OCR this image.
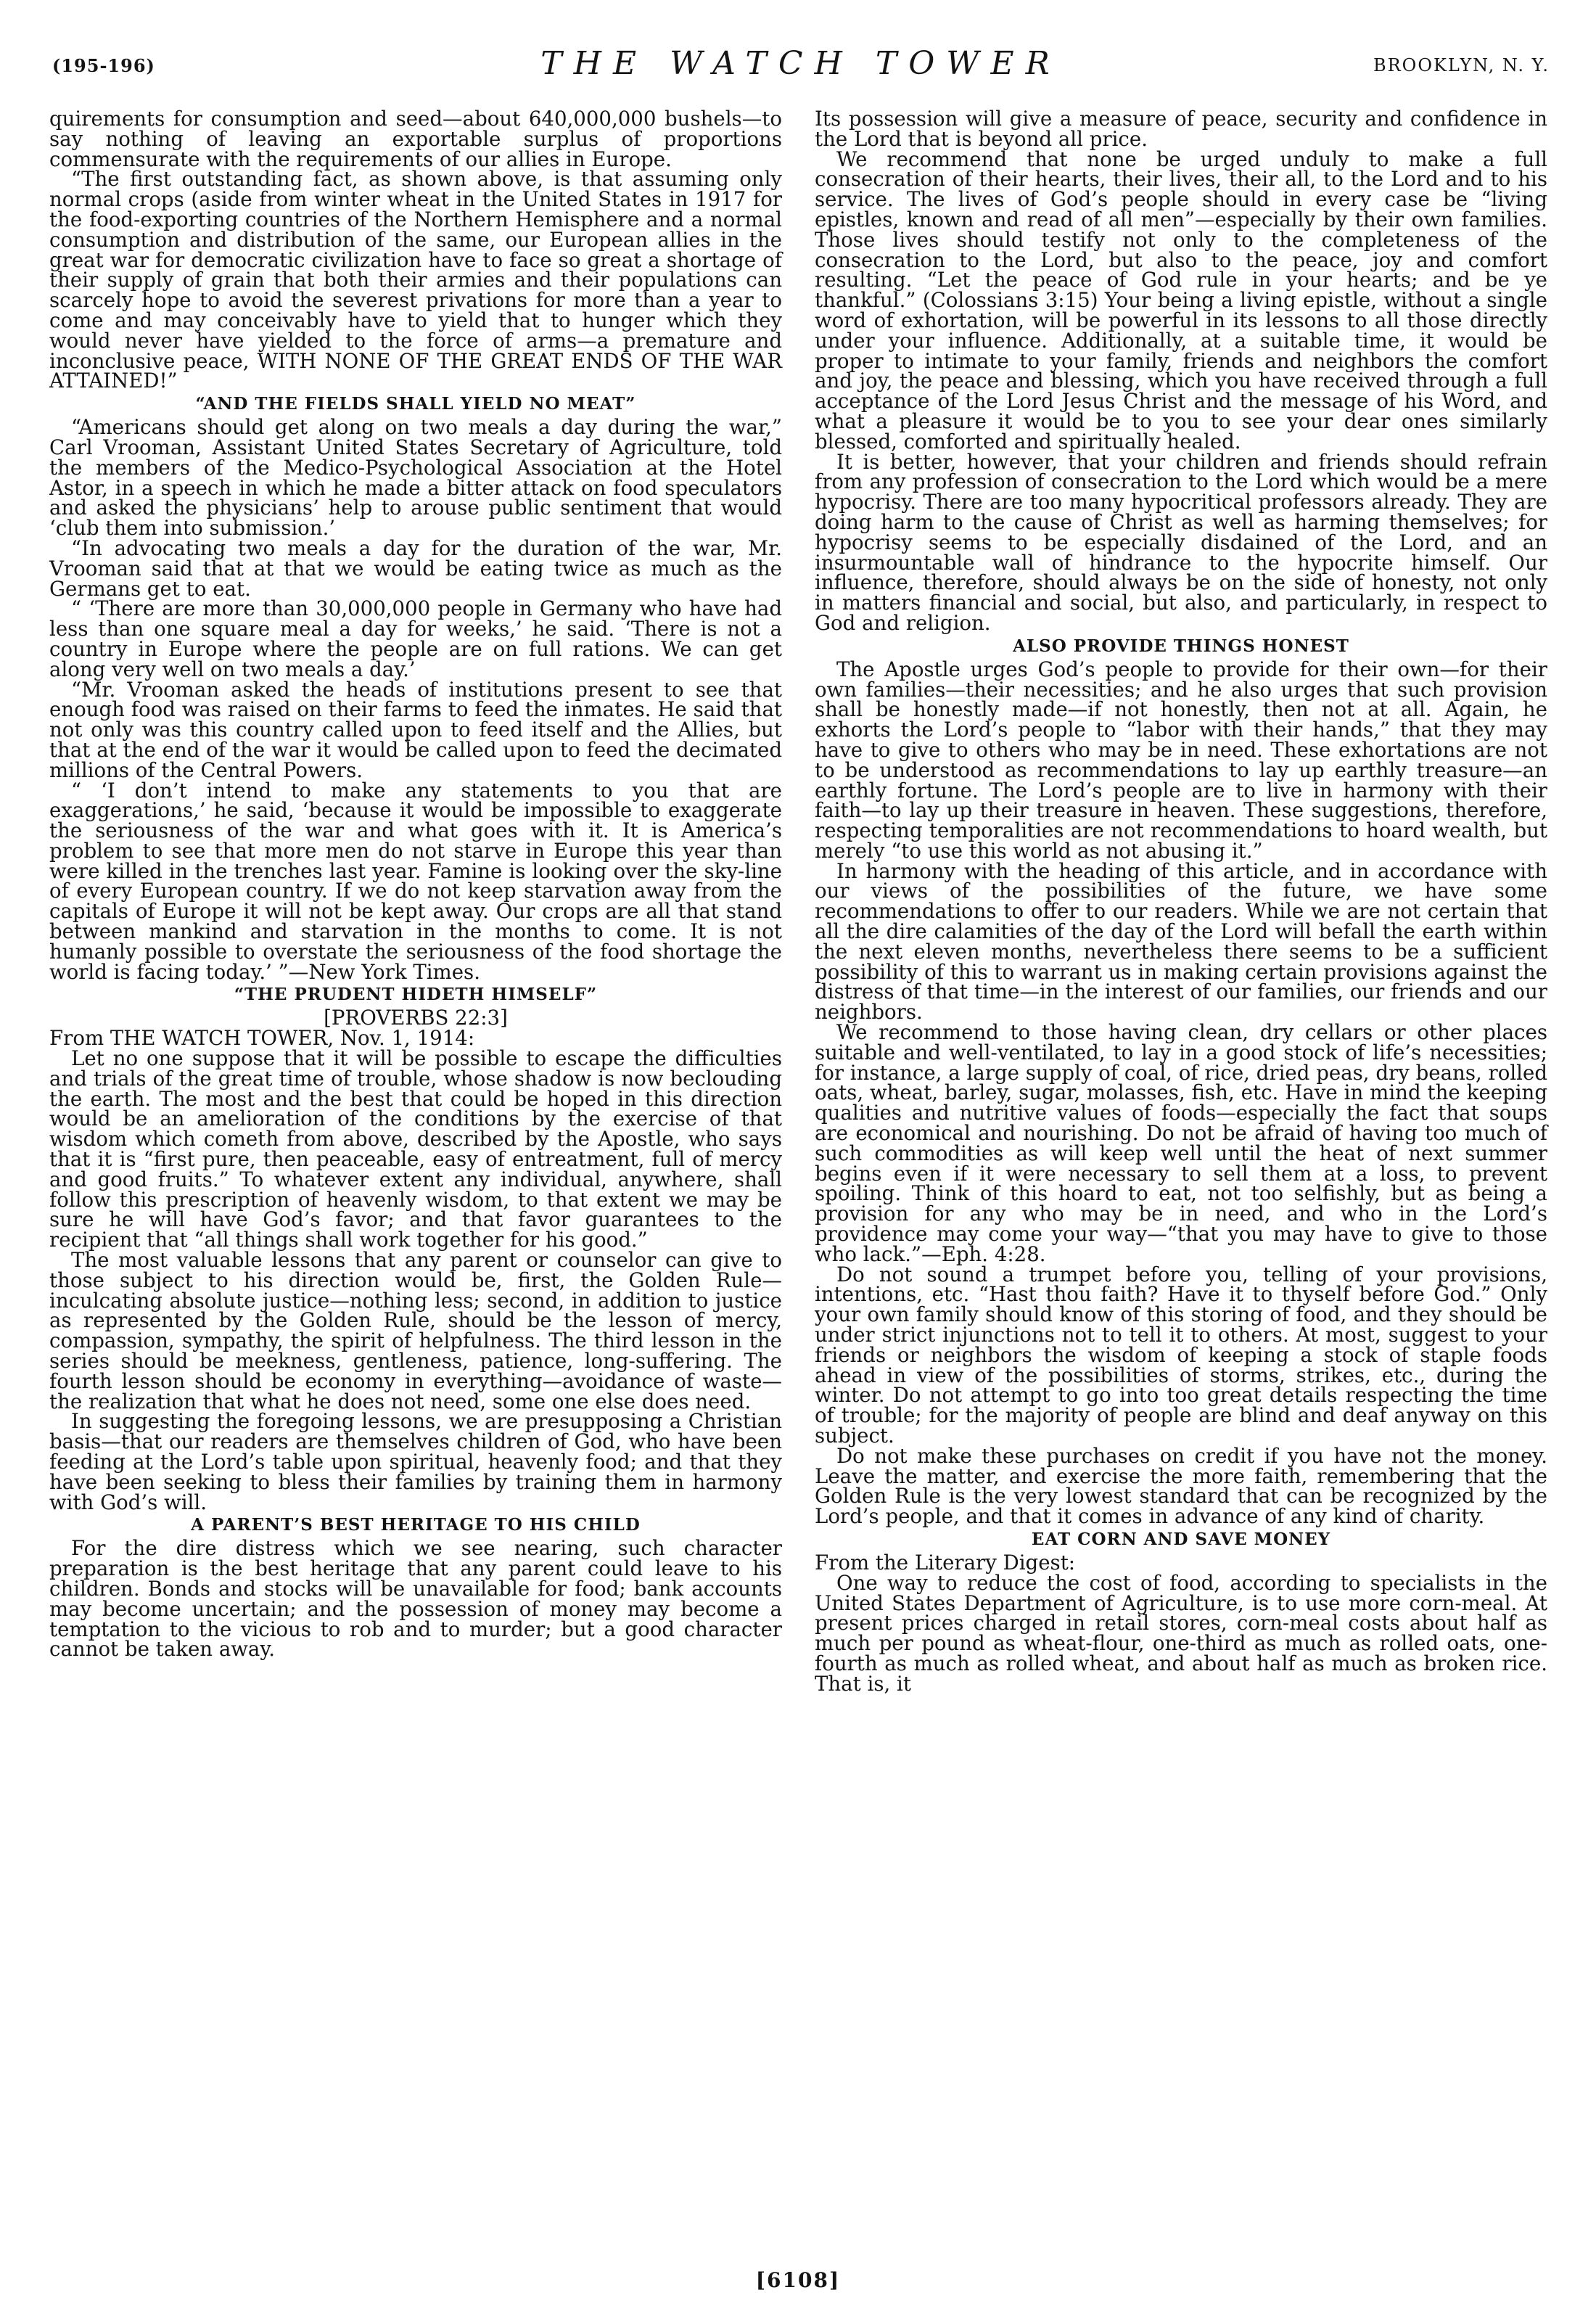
(195-196)	THE WATCH TOWER	BROOKLYN, N. Y.

quirements for consumption and seed—about 640,000,000 bushels—to say nothing of leaving an exportable surplus of proportions commensurate with the requirements of our allies in Europe.

“The first outstanding fact, as shown above, is that assuming only normal crops (aside from winter wheat in the United States in 1917 for the food-exporting countries of the Northern Hemisphere and a normal consumption and distribution of the same, our European allies in the great war for democratic civilization have to face so great a shortage of their supply of grain that both their armies and their populations can scarcely hope to avoid the severest privations for more than a year to come and may conceivably have to yield that to hunger which they would never have yielded to the force of arms—a premature and inconclusive peace, WITH NONE OF THE GREAT ENDS OF THE WAR ATTAINED!”

“AND THE FIELDS SHALL YIELD NO MEAT”

“Americans should get along on two meals a day during the war,” Carl Vrooman, Assistant United States Secretary of Agriculture, told the members of the Medico-Psychological Association at the Hotel Astor, in a speech in which he made a bitter attack on food speculators and asked the physicians’ help to arouse public sentiment that would ‘club them into submission.’

“In advocating two meals a day for the duration of the war, Mr. Vrooman said that at that we would be eating twice as much as the Germans get to eat.

“ ‘There are more than 30,000,000 people in Germany who have had less than one square meal a day for weeks,’ he said. ‘There is not a country in Europe where the people are on full rations. We can get along very well on two meals a day.’

“Mr. Vrooman asked the heads of institutions present to see that enough food was raised on their farms to feed the inmates. He said that not only was this country called upon to feed itself and the Allies, but that at the end of the war it would be called upon to feed the decimated millions of the Central Powers.

“ ‘I don’t intend to make any statements to you that are exaggerations,’ he said, ‘because it would be impossible to exaggerate the seriousness of the war and what goes with it. It is America’s problem to see that more men do not starve in Europe this year than were killed in the trenches last year. Famine is looking over the sky-line of every European country. If we do not keep starvation away from the capitals of Europe it will not be kept away. Our crops are all that stand between mankind and starvation in the months to come. It is not humanly possible to overstate the seriousness of the food shortage the world is facing today.’ ”—New York Times.

“THE PRUDENT HIDETH HIMSELF”

[PROVERBS 22:3]

From THE WATCH TOWER, Nov. 1, 1914:

Let no one suppose that it will be possible to escape the difficulties and trials of the great time of trouble, whose shadow is now beclouding the earth. The most and the best that could be hoped in this direction would be an amelioration of the conditions by the exercise of that wisdom which cometh from above, described by the Apostle, who says that it is “first pure, then peaceable, easy of entreatment, full of mercy and good fruits.” To whatever extent any individual, anywhere, shall follow this prescription of heavenly wisdom, to that extent we may be sure he will have God’s favor; and that favor guarantees to the recipient that “all things shall work together for his good.”

The most valuable lessons that any parent or counselor can give to those subject to his direction would be, first, the Golden Rule—inculcating absolute justice—nothing less; second, in addition to justice as represented by the Golden Rule, should be the lesson of mercy, compassion, sympathy, the spirit of helpfulness. The third lesson in the series should be meekness, gentleness, patience, long-suffering. The fourth lesson should be economy in everything—avoidance of waste—the realization that what he does not need, some one else does need.

In suggesting the foregoing lessons, we are presupposing a Christian basis—that our readers are themselves children of God, who have been feeding at the Lord’s table upon spiritual, heavenly food; and that they have been seeking to bless their families by training them in harmony with God’s will.

A PARENT’S BEST HERITAGE TO HIS CHILD

For the dire distress which we see nearing, such character preparation is the best heritage that any parent could leave to his children. Bonds and stocks will be unavailable for food; bank accounts may become uncertain; and the possession of money may become a temptation to the vicious to rob and to murder; but a good character cannot be taken away.

Its possession will give a measure of peace, security and confidence in the Lord that is beyond all price.

We recommend that none be urged unduly to make a full consecration of their hearts, their lives, their all, to the Lord and to his service. The lives of God’s people should in every case be “living epistles, known and read of all men”—especially by their own families. Those lives should testify not only to the completeness of the consecration to the Lord, but also to the peace, joy and comfort resulting. “Let the peace of God rule in your hearts; and be ye thankful.” (Colossians 3:15) Your being a living epistle, without a single word of exhortation, will be powerful in its lessons to all those directly under your influence. Additionally, at a suitable time, it would be proper to intimate to your family, friends and neighbors the comfort and joy, the peace and blessing, which you have received through a full acceptance of the Lord Jesus Christ and the message of his Word, and what a pleasure it would be to you to see your dear ones similarly blessed, comforted and spiritually healed.

It is better, however, that your children and friends should refrain from any profession of consecration to the Lord which would be a mere hypocrisy. There are too many hypocritical professors already. They are doing harm to the cause of Christ as well as harming themselves; for hypocrisy seems to be especially disdained of the Lord, and an insurmountable wall of hindrance to the hypocrite himself. Our influence, therefore, should always be on the side of honesty, not only in matters financial and social, but also, and particularly, in respect to God and religion.

ALSO PROVIDE THINGS HONEST

The Apostle urges God’s people to provide for their own—for their own families—their necessities; and he also urges that such provision shall be honestly made—if not honestly, then not at all. Again, he exhorts the Lord’s people to “labor with their hands,” that they may have to give to others who may be in need. These exhortations are not to be understood as recommendations to lay up earthly treasure—an earthly fortune. The Lord’s people are to live in harmony with their faith—to lay up their treasure in heaven. These suggestions, therefore, respecting temporalities are not recommendations to hoard wealth, but merely “to use this world as not abusing it.”

In harmony with the heading of this article, and in accordance with our views of the possibilities of the future, we have some recommendations to offer to our readers. While we are not certain that all the dire calamities of the day of the Lord will befall the earth within the next eleven months, nevertheless there seems to be a sufficient possibility of this to warrant us in making certain provisions against the distress of that time—in the interest of our families, our friends and our neighbors.

We recommend to those having clean, dry cellars or other places suitable and well-ventilated, to lay in a good stock of life’s necessities; for instance, a large supply of coal, of rice, dried peas, dry beans, rolled oats, wheat, barley, sugar, molasses, fish, etc. Have in mind the keeping qualities and nutritive values of foods—especially the fact that soups are economical and nourishing. Do not be afraid of having too much of such commodities as will keep well until the heat of next summer begins even if it were necessary to sell them at a loss, to prevent spoiling. Think of this hoard to eat, not too selfishly, but as being a provision for any who may be in need, and who in the Lord’s providence may come your way—“that you may have to give to those who lack.”—Eph. 4:28.

Do not sound a trumpet before you, telling of your provisions, intentions, etc. “Hast thou faith? Have it to thyself before God.” Only your own family should know of this storing of food, and they should be under strict injunctions not to tell it to others. At most, suggest to your friends or neighbors the wisdom of keeping a stock of staple foods ahead in view of the possibilities of storms, strikes, etc., during the winter. Do not attempt to go into too great details respecting the time of trouble; for the majority of people are blind and deaf anyway on this subject.

Do not make these purchases on credit if you have not the money. Leave the matter, and exercise the more faith, remembering that the Golden Rule is the very lowest standard that can be recognized by the Lord’s people, and that it comes in advance of any kind of charity.

EAT CORN AND SAVE MONEY

From the Literary Digest:

One way to reduce the cost of food, according to specialists in the United States Department of Agriculture, is to use more corn-meal. At present prices charged in retail stores, corn-meal costs about half as much per pound as wheat-flour, one-third as much as rolled oats, one-fourth as much as rolled wheat, and about half as much as broken rice. That is, it

[6108]
